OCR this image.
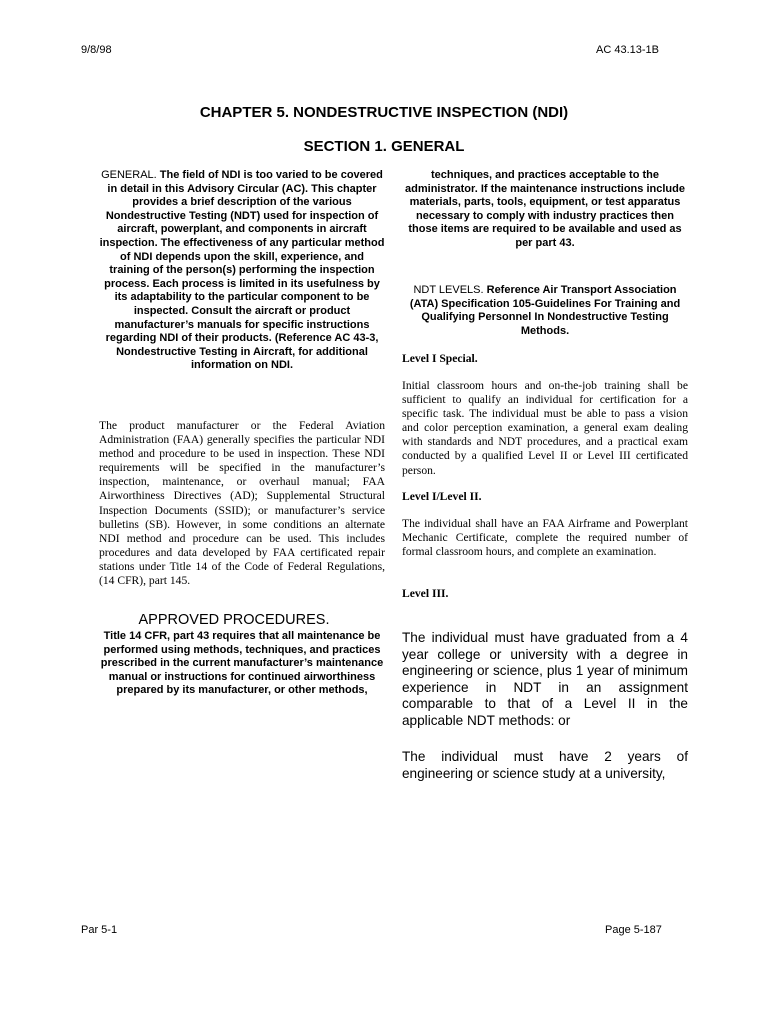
9/8/98	AC 43.13-1B
CHAPTER 5. NONDESTRUCTIVE INSPECTION (NDI)
SECTION 1. GENERAL
GENERAL. The field of NDI is too varied to be covered in detail in this Advisory Circular (AC). This chapter provides a brief description of the various Nondestructive Testing (NDT) used for inspection of aircraft, powerplant, and components in aircraft inspection. The effectiveness of any particular method of NDI depends upon the skill, experience, and training of the person(s) performing the inspection process. Each process is limited in its usefulness by its adaptability to the particular component to be inspected. Consult the aircraft or product manufacturer’s manuals for specific instructions regarding NDI of their products. (Reference AC 43-3, Nondestructive Testing in Aircraft, for additional information on NDI.
The product manufacturer or the Federal Aviation Administration (FAA) generally specifies the particular NDI method and procedure to be used in inspection. These NDI requirements will be specified in the manufacturer’s inspection, maintenance, or overhaul manual; FAA Airworthiness Directives (AD); Supplemental Structural Inspection Documents (SSID); or manufacturer’s service bulletins (SB). However, in some conditions an alternate NDI method and procedure can be used. This includes procedures and data developed by FAA certificated repair stations under Title 14 of the Code of Federal Regulations, (14 CFR), part 145.
APPROVED PROCEDURES.
Title 14 CFR, part 43 requires that all maintenance be performed using methods, techniques, and practices prescribed in the current manufacturer’s maintenance manual or instructions for continued airworthiness prepared by its manufacturer, or other methods,
techniques, and practices acceptable to the administrator. If the maintenance instructions include materials, parts, tools, equipment, or test apparatus necessary to comply with industry practices then those items are required to be available and used as per part 43.
NDT LEVELS. Reference Air Transport Association (ATA) Specification 105-Guidelines For Training and Qualifying Personnel In Nondestructive Testing Methods.
Level I Special.
Initial classroom hours and on-the-job training shall be sufficient to qualify an individual for certification for a specific task. The individual must be able to pass a vision and color perception examination, a general exam dealing with standards and NDT procedures, and a practical exam conducted by a qualified Level II or Level III certificated person.
Level I/Level II.
The individual shall have an FAA Airframe and Powerplant Mechanic Certificate, complete the required number of formal classroom hours, and complete an examination.
Level III.
The individual must have graduated from a 4 year college or university with a degree in engineering or science, plus 1 year of minimum experience in NDT in an assignment comparable to that of a Level II in the applicable NDT methods: or
The individual must have 2 years of engineering or science study at a university,
Par 5-1	Page 5-187
